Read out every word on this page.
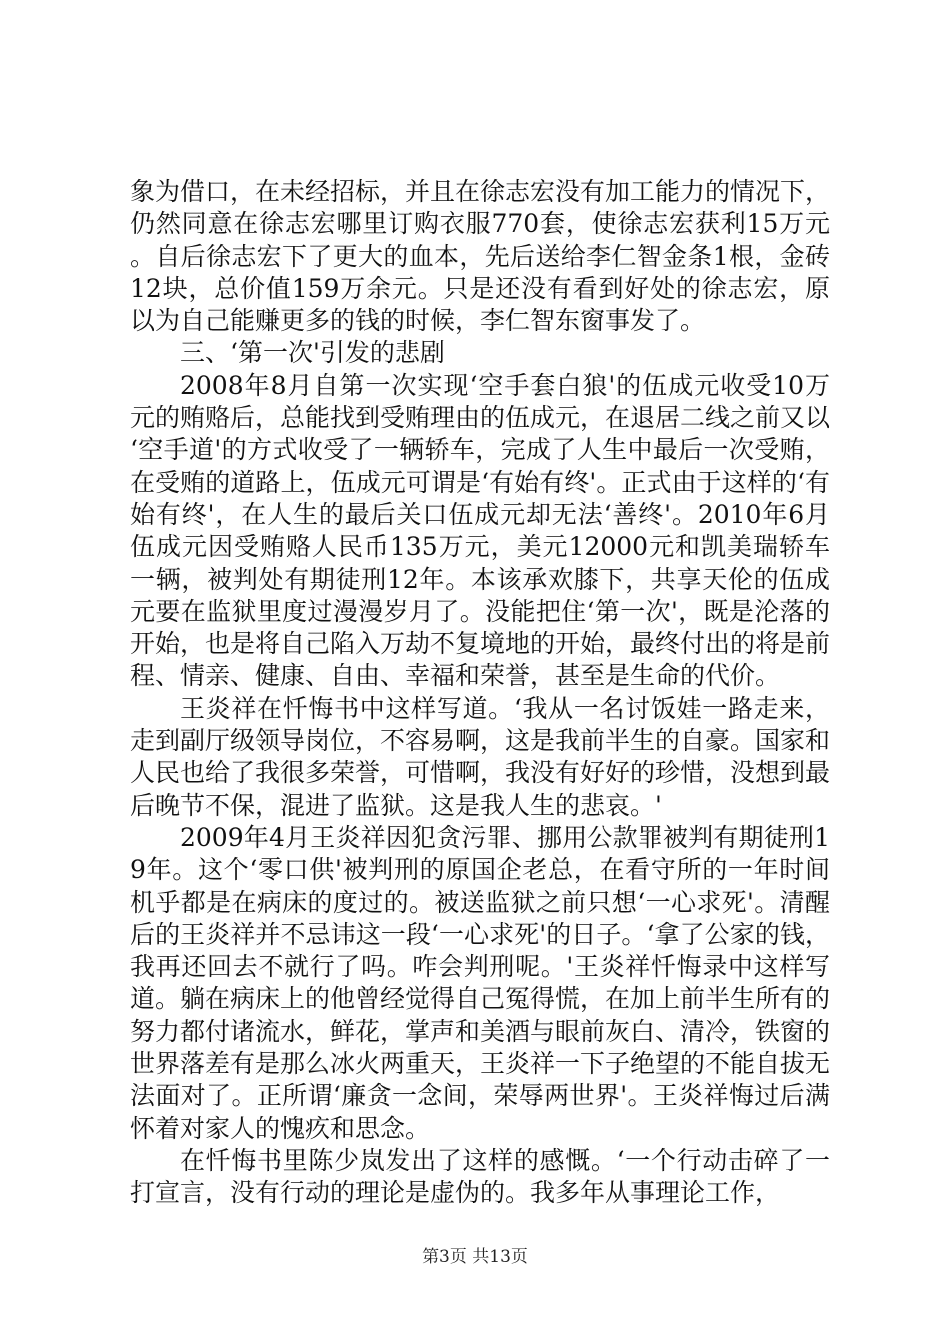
象为借口，在未经招标，并且在徐志宏没有加工能力的情况下，仍然同意在徐志宏哪里订购衣服770套，使徐志宏获利15万元。自后徐志宏下了更大的血本，先后送给李仁智金条1根，金砖12块，总价值159万余元。只是还没有看到好处的徐志宏，原以为自己能赚更多的钱的时候，李仁智东窗事发了。

三、‘第一次'引发的悲剧

2008年8月自第一次实现‘空手套白狼'的伍成元收受10万元的贿赂后，总能找到受贿理由的伍成元，在退居二线之前又以‘空手道'的方式收受了一辆轿车，完成了人生中最后一次受贿，在受贿的道路上，伍成元可谓是‘有始有终'。正式由于这样的‘有始有终'，在人生的最后关口伍成元却无法‘善终'。2010年6月伍成元因受贿赂人民币135万元，美元12000元和凯美瑞轿车一辆，被判处有期徒刑12年。本该承欢膝下，共享天伦的伍成元要在监狱里度过漫漫岁月了。没能把住‘第一次'，既是沦落的开始，也是将自己陷入万劫不复境地的开始，最终付出的将是前程、情亲、健康、自由、幸福和荣誉，甚至是生命的代价。

王炎祥在忏悔书中这样写道。‘我从一名讨饭娃一路走来，走到副厅级领导岗位，不容易啊，这是我前半生的自豪。国家和人民也给了我很多荣誉，可惜啊，我没有好好的珍惜，没想到最后晚节不保，混进了监狱。这是我人生的悲哀。'

2009年4月王炎祥因犯贪污罪、挪用公款罪被判有期徒刑19年。这个‘零口供'被判刑的原国企老总，在看守所的一年时间机乎都是在病床的度过的。被送监狱之前只想‘一心求死'。清醒后的王炎祥并不忌讳这一段‘一心求死'的日子。‘拿了公家的钱，我再还回去不就行了吗。咋会判刑呢。'王炎祥忏悔录中这样写道。躺在病床上的他曾经觉得自己冤得慌，在加上前半生所有的努力都付诸流水，鲜花，掌声和美酒与眼前灰白、清冷，铁窗的世界落差有是那么冰火两重天，王炎祥一下子绝望的不能自拔无法面对了。正所谓‘廉贪一念间，荣辱两世界'。王炎祥悔过后满怀着对家人的愧疚和思念。

在忏悔书里陈少岚发出了这样的感慨。‘一个行动击碎了一打宣言，没有行动的理论是虚伪的。我多年从事理论工作，

第3页 共13页
